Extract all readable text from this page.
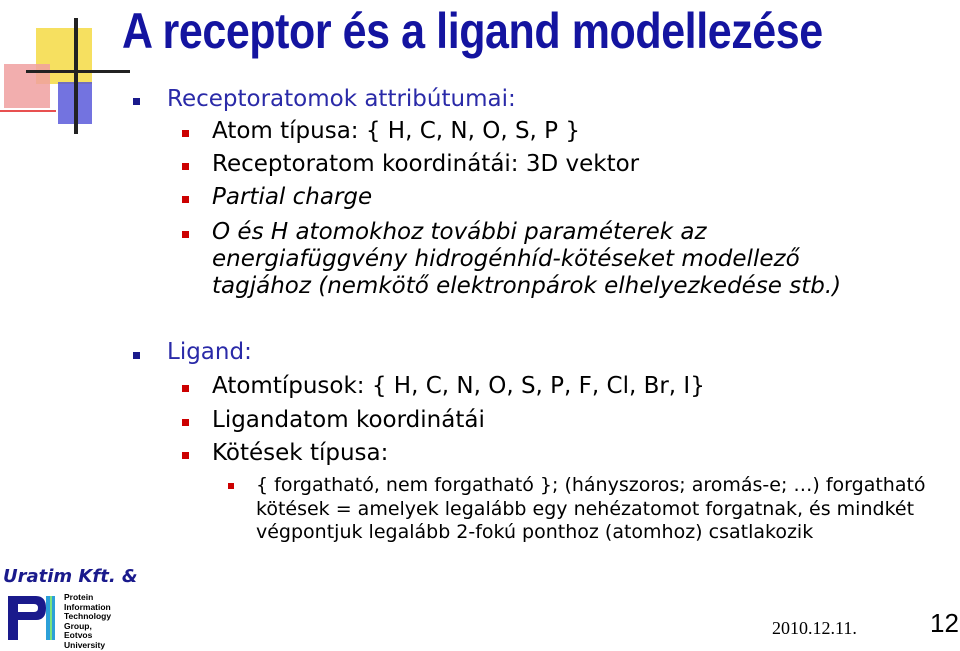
A receptor és a ligand modellezése
Receptoratomok attribútumai:
Atom típusa: { H, C, N, O, S, P }
Receptoratom koordinátái: 3D vektor
Partial charge
O és H atomokhoz további paraméterek az
energiafüggvény hidrogénhíd-kötéseket modellező
tagjához (nemkötő elektronpárok elhelyezkedése stb.)
Ligand:
Atomtípusok: { H, C, N, O, S, P, F, Cl, Br, I}
Ligandatom koordinátái
Kötések típusa:
{ forgatható, nem forgatható }; (hányszoros; aromás-e; …) forgatható kötések = amelyek legalább egy nehézatomot forgatnak, és mindkét végpontjuk legalább 2-fokú ponthoz (atomhoz) csatlakozik
Uratim Kft. &
Protein
Information
Technology
Group,
Eotvos
University
2010.12.11.	12
